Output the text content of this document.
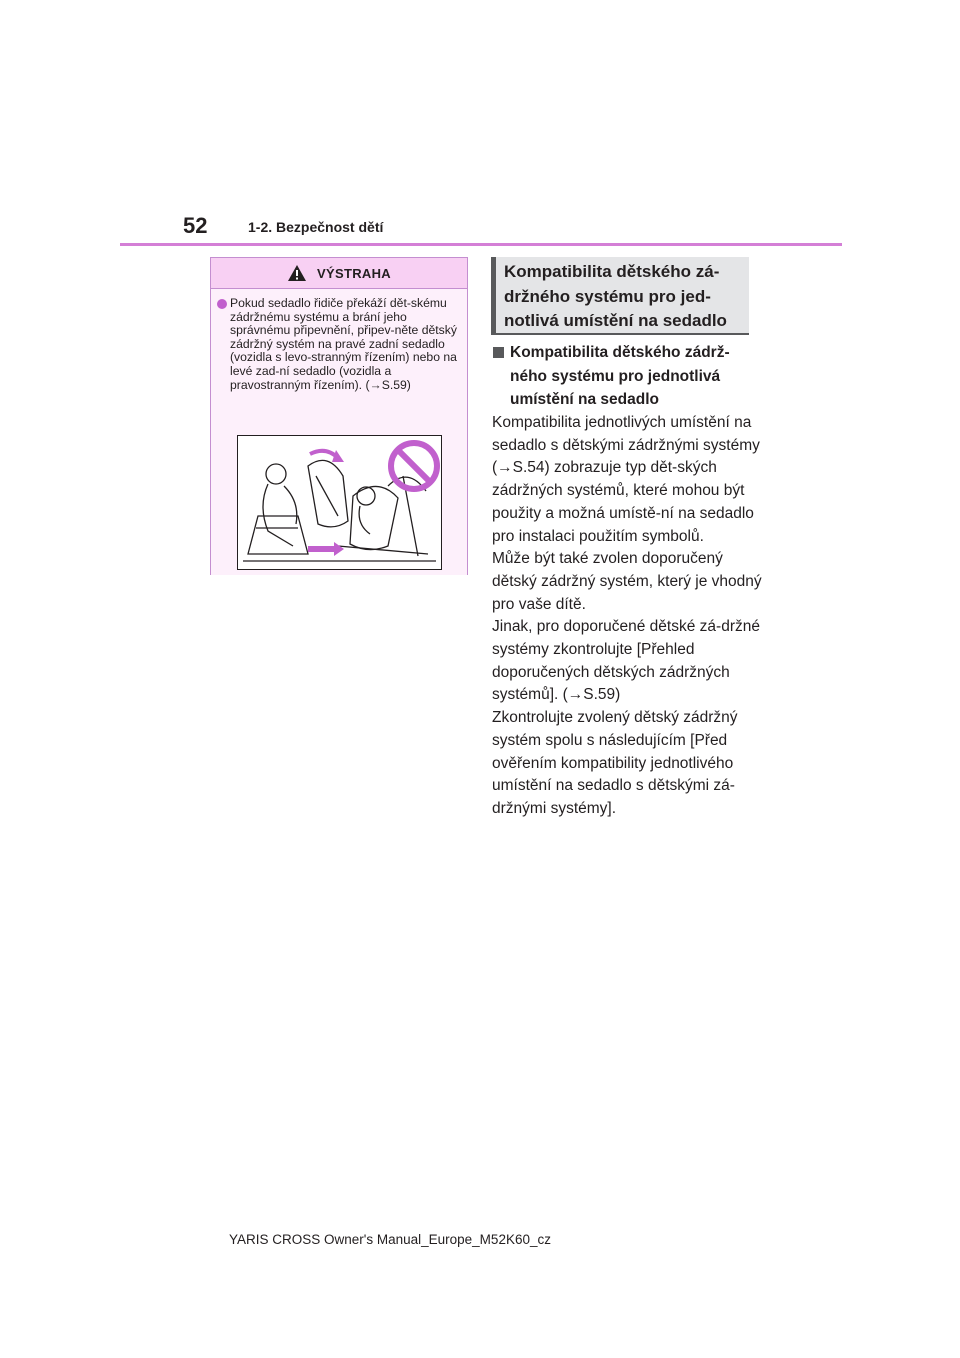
52	1-2. Bezpečnost dětí
VÝSTRAHA
Pokud sedadlo řidiče překáží dět-skému zádržnému systému a brání jeho správnému připevnění, připev-něte dětský zádržný systém na pravé zadní sedadlo (vozidla s levo-stranným řízením) nebo na levé zad-ní sedadlo (vozidla a pravostranným řízením). (→S.59)
Kompatibilita dětského zá-držného systému pro jed-notlivá umístění na sedadlo
Kompatibilita dětského zádrž-ného systému pro jednotlivá umístění na sedadlo

Kompatibilita jednotlivých umístění na sedadlo s dětskými zádržnými systémy (→S.54) zobrazuje typ dět-ských zádržných systémů, které mohou být použity a možná umístě-ní na sedadlo pro instalaci použitím symbolů.

Může být také zvolen doporučený dětský zádržný systém, který je vhodný pro vaše dítě.

Jinak, pro doporučené dětské zá-držné systémy zkontrolujte [Přehled doporučených dětských zádržných systémů]. (→S.59)

Zkontrolujte zvolený dětský zádržný systém spolu s následujícím [Před ověřením kompatibility jednotlivého umístění na sedadlo s dětskými zá-držnými systémy].

YARIS CROSS Owner's Manual_Europe_M52K60_cz
